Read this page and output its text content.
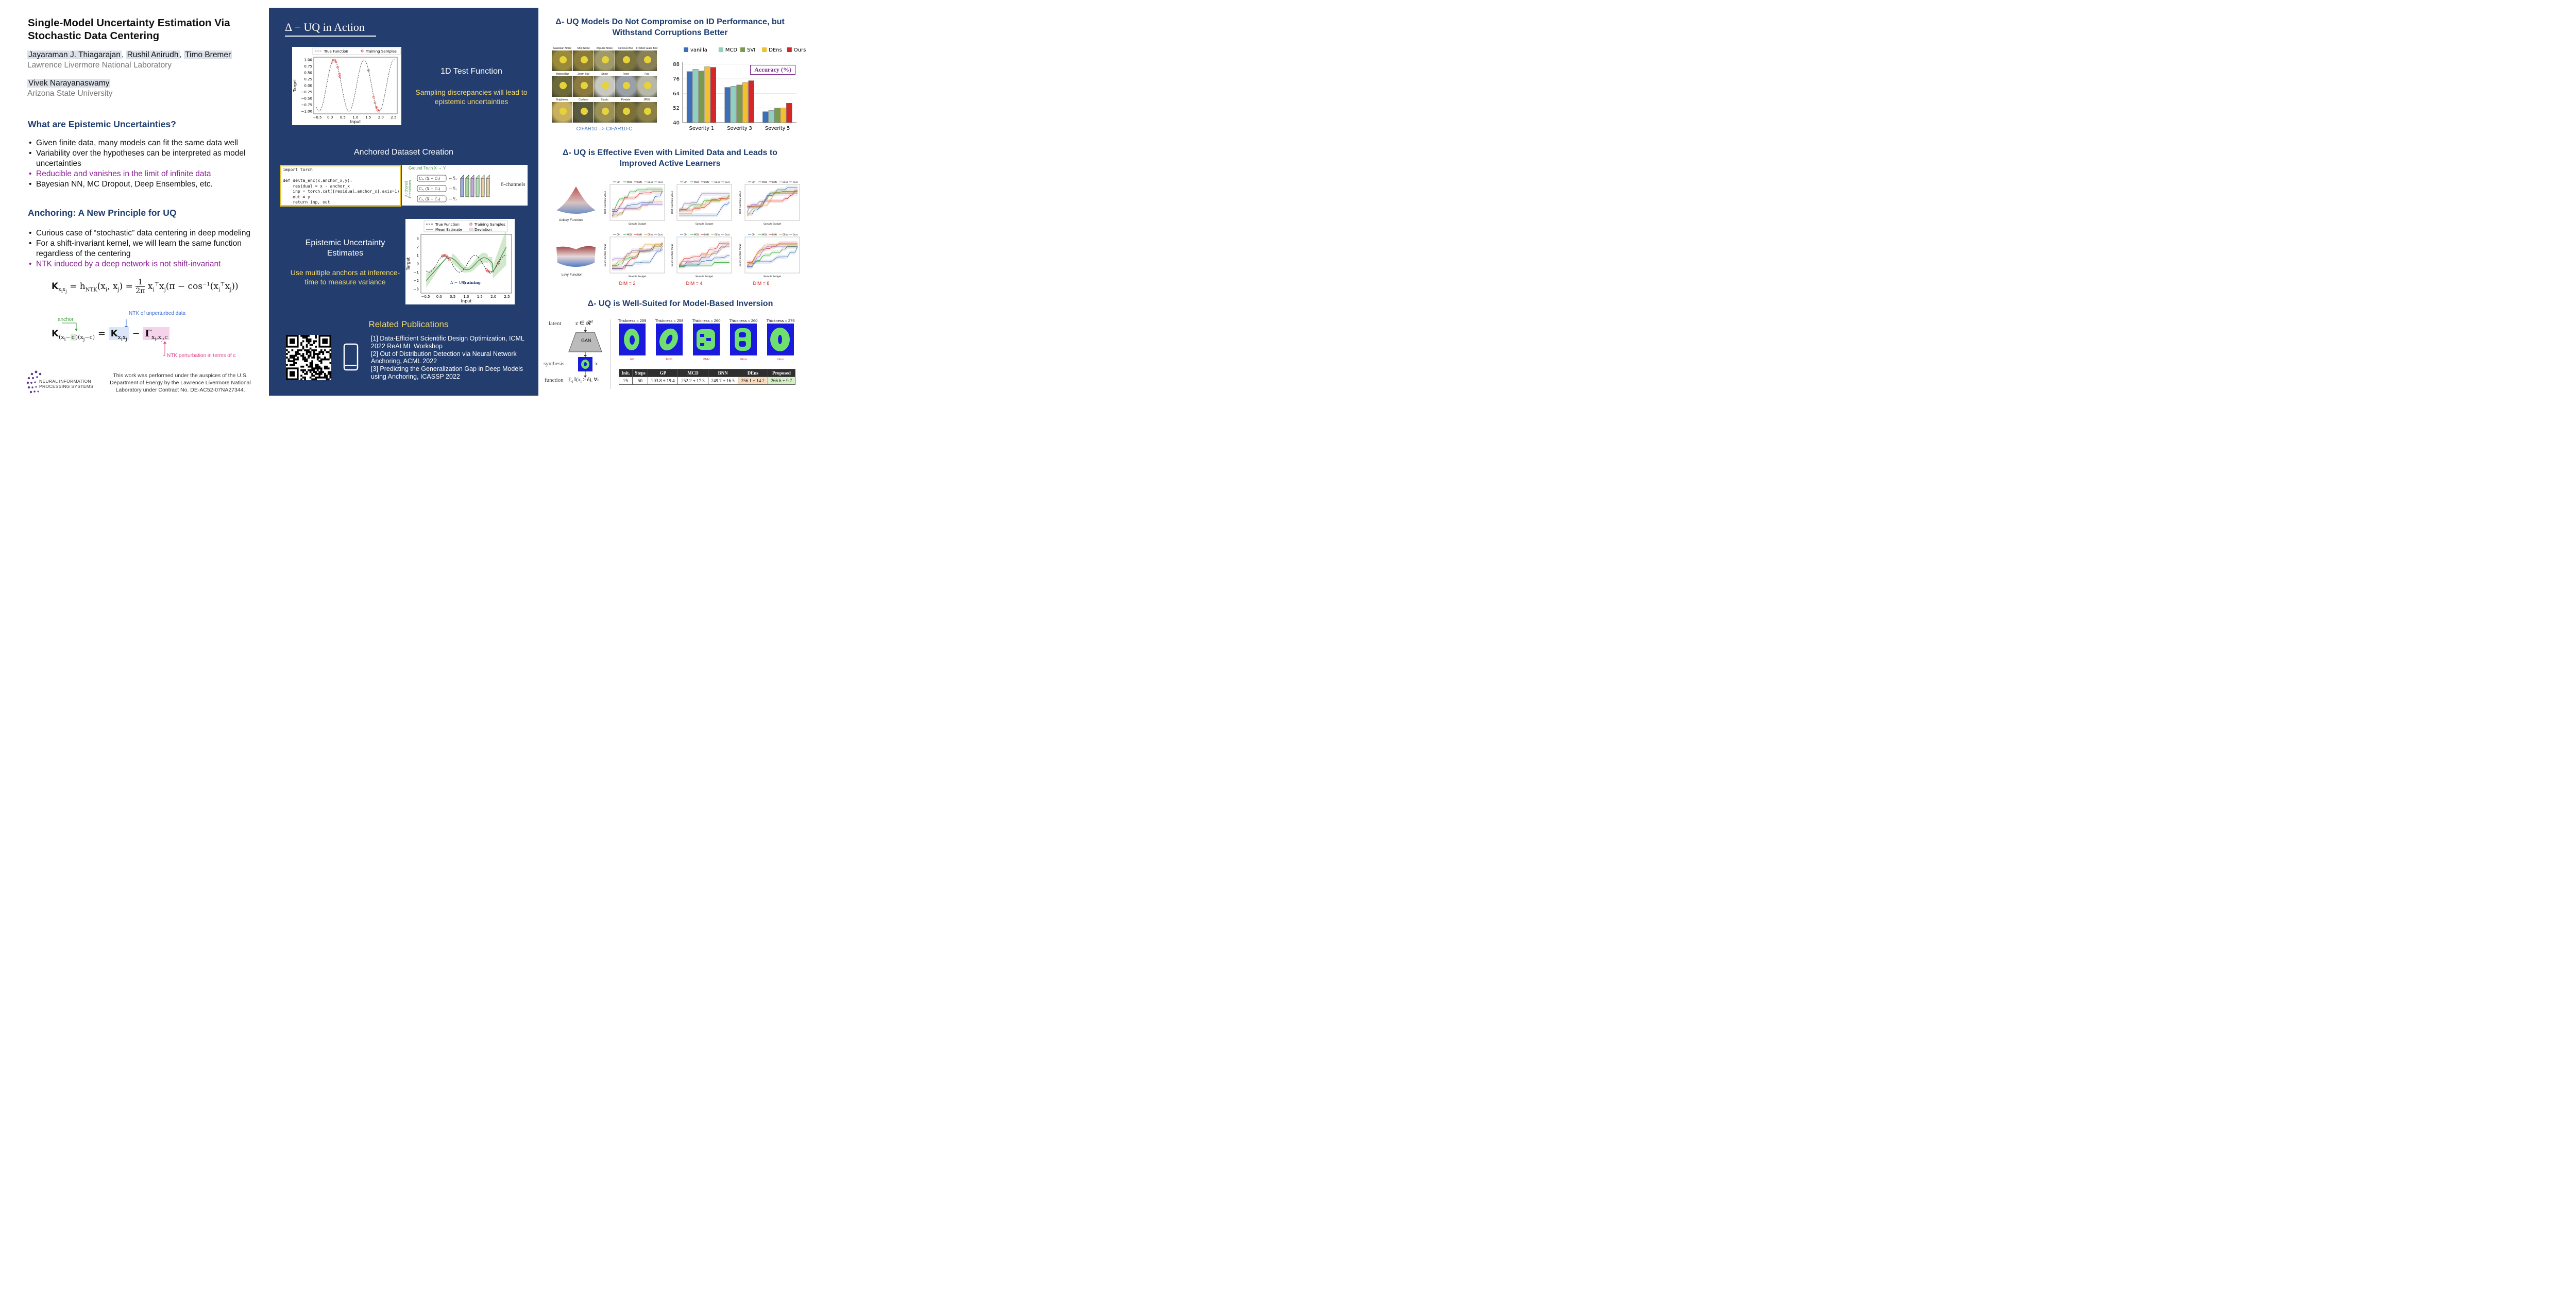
Single-Model Uncertainty Estimation Via Stochastic Data Centering
Jayaraman J. Thiagarajan , Rushil Anirudh , Timo Bremer
Lawrence Livermore National Laboratory
Vivek Narayanaswamy
Arizona State University
What are Epistemic Uncertainties?
• Given finite data, many models can fit the same data well
• Variability over the hypotheses can be interpreted as model uncertainties
• Reducible and vanishes in the limit of infinite data
• Bayesian NN, MC Dropout, Deep Ensembles, etc.
Anchoring: A New Principle for UQ
• Curious case of “stochastic” data centering in deep modeling
• For a shift-invariant kernel, we will learn the same function regardless of the centering
• NTK induced by a deep network is not shift-invariant
$K_{x_ix_j} = h_{NTK}(x_i$, $x_j) = \frac{1}{2\pi} x_i^⊤x_j(\pi - \cos^{-1}(x_i^⊤x_j))$
anchor
NTK of unperturbed data
$K_{(x_i- c )(x_j-c)} = K_{x_ix_j} - \Gamma_{x_i,x_j,c}$
NTK perturbation in terms of c
NEURAL INFORMATION PROCESSING SYSTEMS
This work was performed under the auspices of the U.S. Department of Energy by the Lawrence Livermore National Laboratory under Contract No. DE-AC52-07NA27344.
Δ − UQ in Action
1.00
0.75
0.50
0.25
0.00
−0.25
−0.50
−0.75
−1.00
−0.5 0.0 0.5 1.0 1.5 2.0 2.5
Input
Target
True Function	Training Samples
1D Test Function
Sampling discrepancies will lead to epistemic uncertainties
Anchored Dataset Creation
import torch

def delta_enc(x,anchor_x,y):
residual = x - anchor_x
inp = torch.cat([residual,anchor_x],axis=1)
out = y
return inp, out
Ground Truth X → Y
Anchored Predictions
C₁, (X − C₁) → Ŷ₁
C₂, (X − C₂) → Ŷ₂
C₃, (X − C₃) → Ŷ₃
6-channels
Epistemic Uncertainty Estimates
Use multiple anchors at inference-time to measure variance
3
2
1
0
−1
−2
−3
−0.5 0.0 0.5 1.0 1.5 2.0 2.5
Input
Target
Δ − UQ
Training
True Function
Mean Estimate
Training Samples
Deviation
Related Publications
[1] Data-Efficient Scientific Design Optimization, ICML 2022 ReALML Workshop
[2] Out of Distribution Detection via Neural Network Anchoring, ACML 2022
[3] Predicting the Generalization Gap in Deep Models using Anchoring, ICASSP 2022
Δ- UQ Models Do Not Compromise on ID Performance, but Withstand Corruptions Better
Gaussian Noise	Shot Noise	Impulse Noise	Defocus Blur	Frosted Glass Blur
Motion Blur	Zoom Blur	Snow	Frost	Fog
Brightness	Contrast	Elastic	Pixelate	JPEG
CIFAR10 –> CIFAR10-C
40
52
64
76
88
Severity 1	Severity 3	Severity 5
vanilla	MCD SVI	DEns Ours
Accuracy (%)
Δ- UQ is Effective Even with Limited Data and Leads to Improved Active Learners
Ackley Function
Levy Function
GP	MCD	BNN	DEns Ours
Sample Budget
Best Function Value
GP	MCD	BNN	DEns Ours
Sample Budget
Best Function Value
GP	MCD	BNN	DEns Ours
Sample Budget
Best Function Value
GP	MCD	BNN	DEns Ours
Sample Budget
Best Function Value
GP	MCD	BNN	DEns Ours
Sample Budget
Best Function Value
GP	MCD	BNN	DEns Ours
Sample Budget
Best Function Value
DIM = 2	DIM = 4	DIM = 8
Δ- UQ is Well-Suited for Model-Based Inversion
latent	z ∈ 𝓡$^d$
GAN
x
synthesis
function $\sum_i$ $𝕀(x_i > \delta)$, ∀i
Thickness = 209
GP
Thickness = 258
MCD
Thickness = 260
BNN
Thickness = 260
DEns
Thickness = 276
Ours
Init.	Steps	GP	MCD	BNN	DEns	Proposed
25	50	203.8 ± 19.4	252.2 ± 17.3	249.7 ± 16.5	256.1 ± 14.2	266.6 ± 9.7
